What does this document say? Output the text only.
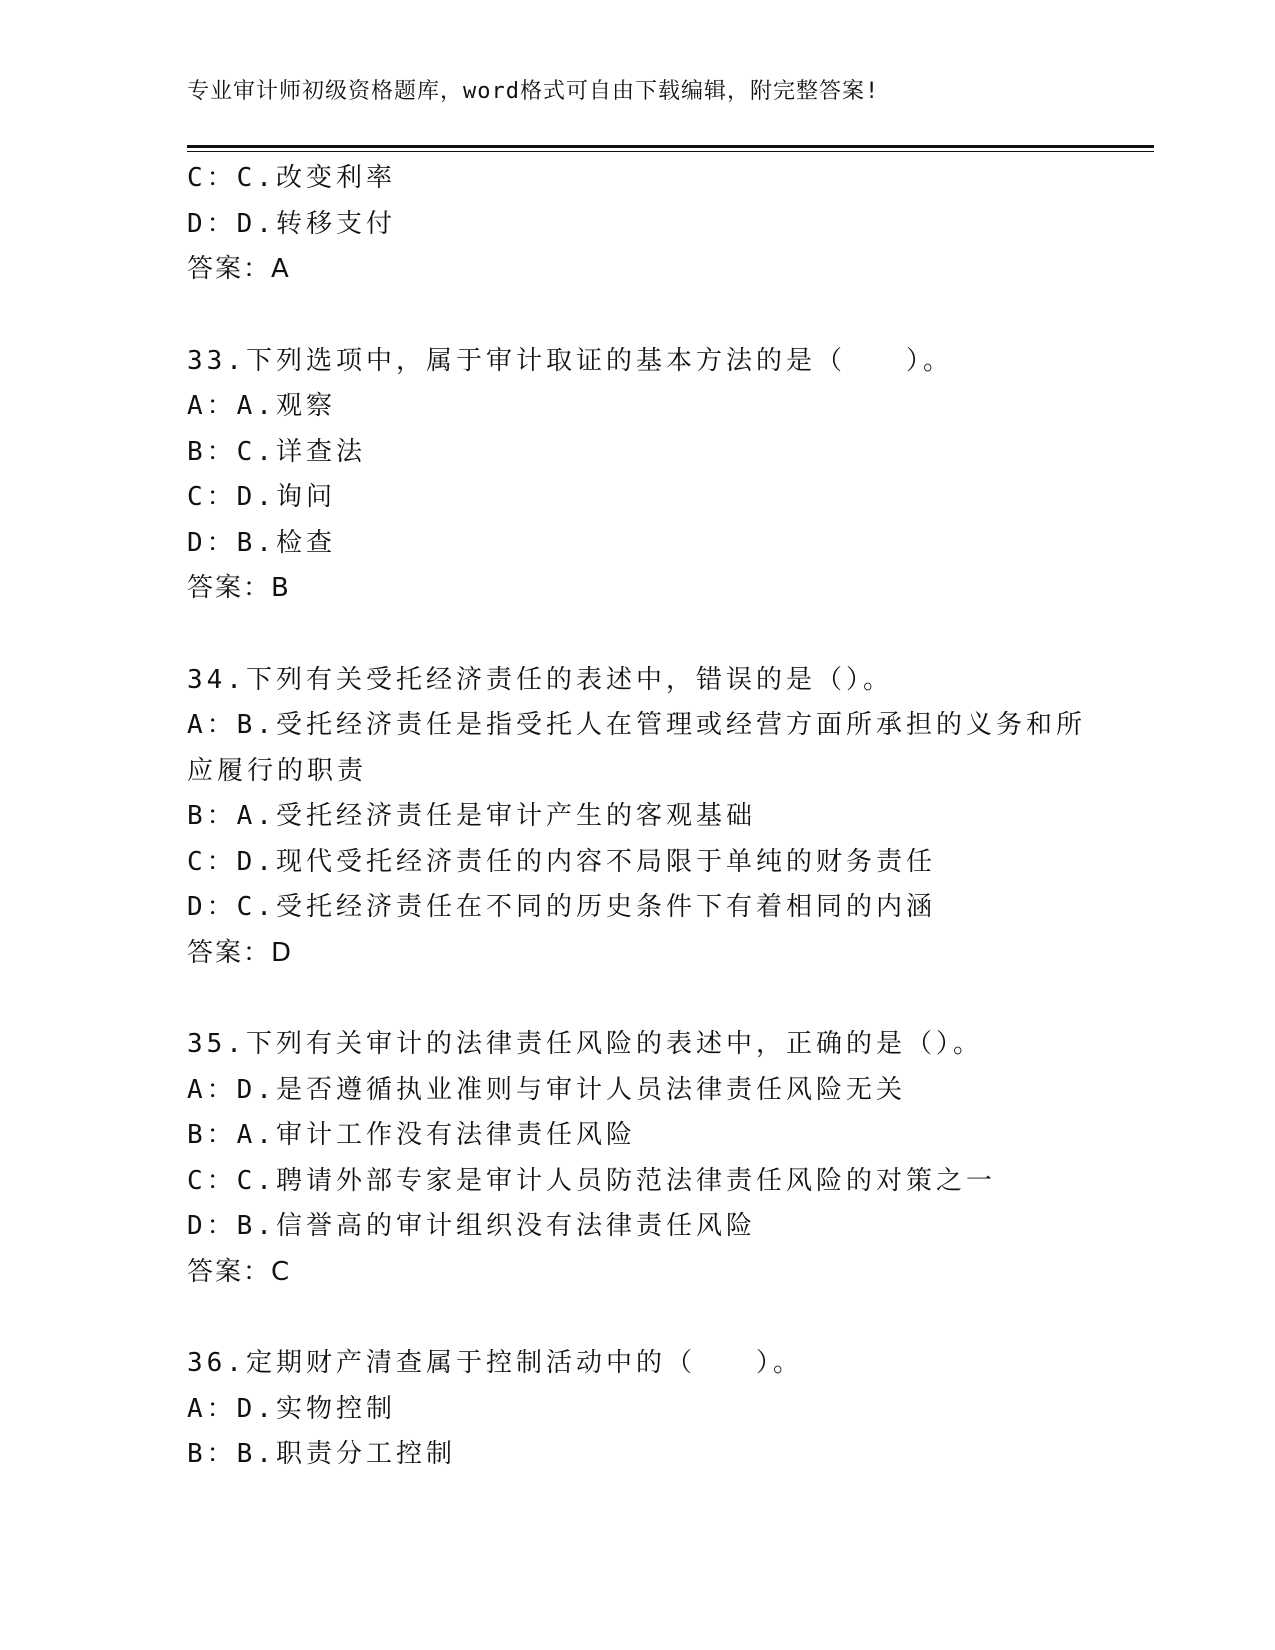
专业审计师初级资格题库，word格式可自由下载编辑，附完整答案!
C：C.改变利率
D：D.转移支付
答案：A
33.下列选项中，属于审计取证的基本方法的是（　　）。
A：A.观察
B：C.详查法
C：D.询问
D：B.检查
答案：B
34.下列有关受托经济责任的表述中，错误的是（）。
A：B.受托经济责任是指受托人在管理或经营方面所承担的义务和所应履行的职责
B：A.受托经济责任是审计产生的客观基础
C：D.现代受托经济责任的内容不局限于单纯的财务责任
D：C.受托经济责任在不同的历史条件下有着相同的内涵
答案：D
35.下列有关审计的法律责任风险的表述中，正确的是（）。
A：D.是否遵循执业准则与审计人员法律责任风险无关
B：A.审计工作没有法律责任风险
C：C.聘请外部专家是审计人员防范法律责任风险的对策之一
D：B.信誉高的审计组织没有法律责任风险
答案：C
36.定期财产清查属于控制活动中的（　　）。
A：D.实物控制
B：B.职责分工控制
